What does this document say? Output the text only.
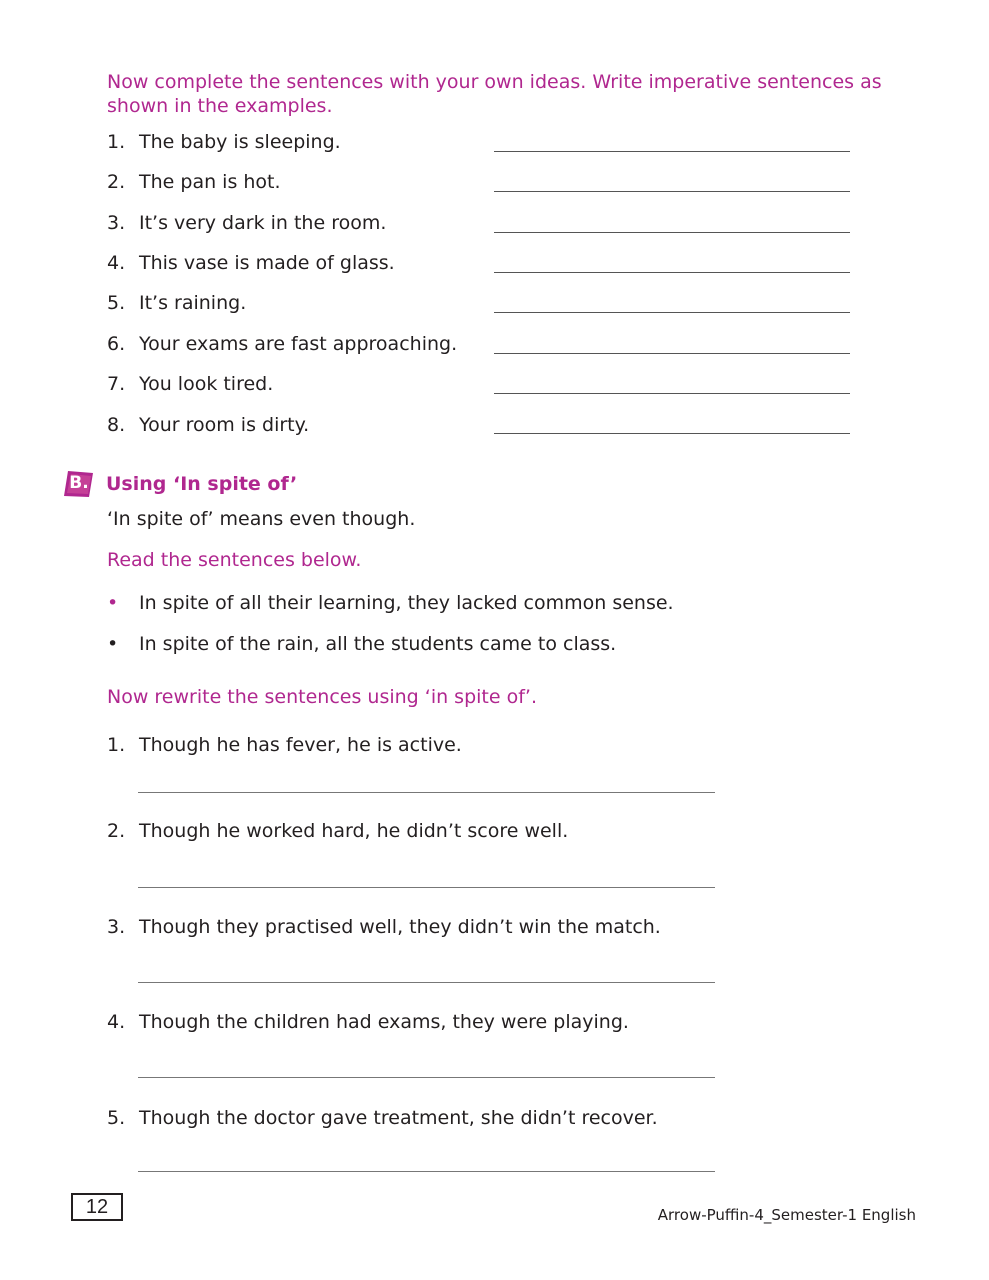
Now complete the sentences with your own ideas. Write imperative sentences as shown in the examples.
1. The baby is sleeping.
2. The pan is hot.
3. It’s very dark in the room.
4. This vase is made of glass.
5. It’s raining.
6. Your exams are fast approaching.
7. You look tired.
8. Your room is dirty.
B. Using ‘In spite of’
‘In spite of’ means even though.
Read the sentences below.
• In spite of all their learning, they lacked common sense.
• In spite of the rain, all the students came to class.
Now rewrite the sentences using ‘in spite of’.
1. Though he has fever, he is active.
2. Though he worked hard, he didn’t score well.
3. Though they practised well, they didn’t win the match.
4. Though the children had exams, they were playing.
5. Though the doctor gave treatment, she didn’t recover.
12	Arrow-Puffin-4_Semester-1 English
